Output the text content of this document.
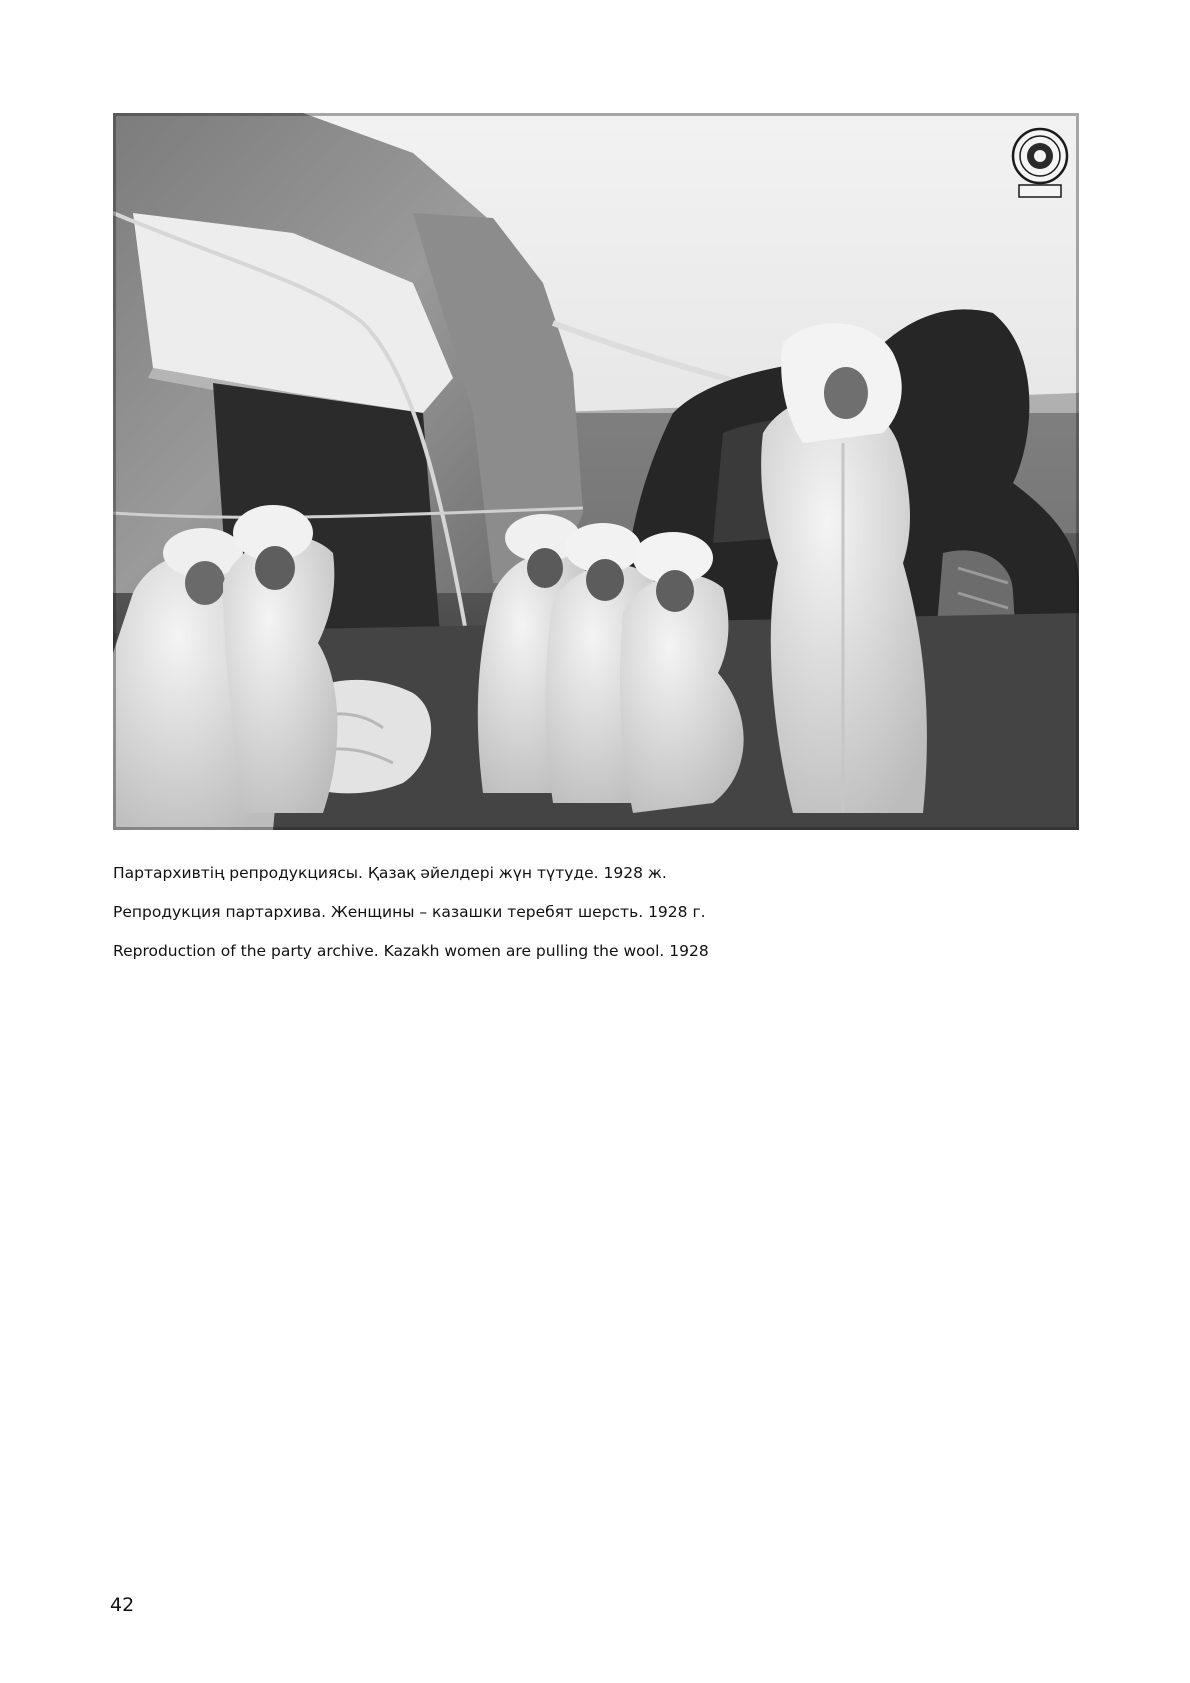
Партархивтің репродукциясы. Қазақ әйелдері жүн түтуде. 1928 ж.
Репродукция партархива. Женщины – казашки теребят шерсть. 1928 г.
Reproduction of the party archive. Kazakh women are pulling the wool. 1928
42
